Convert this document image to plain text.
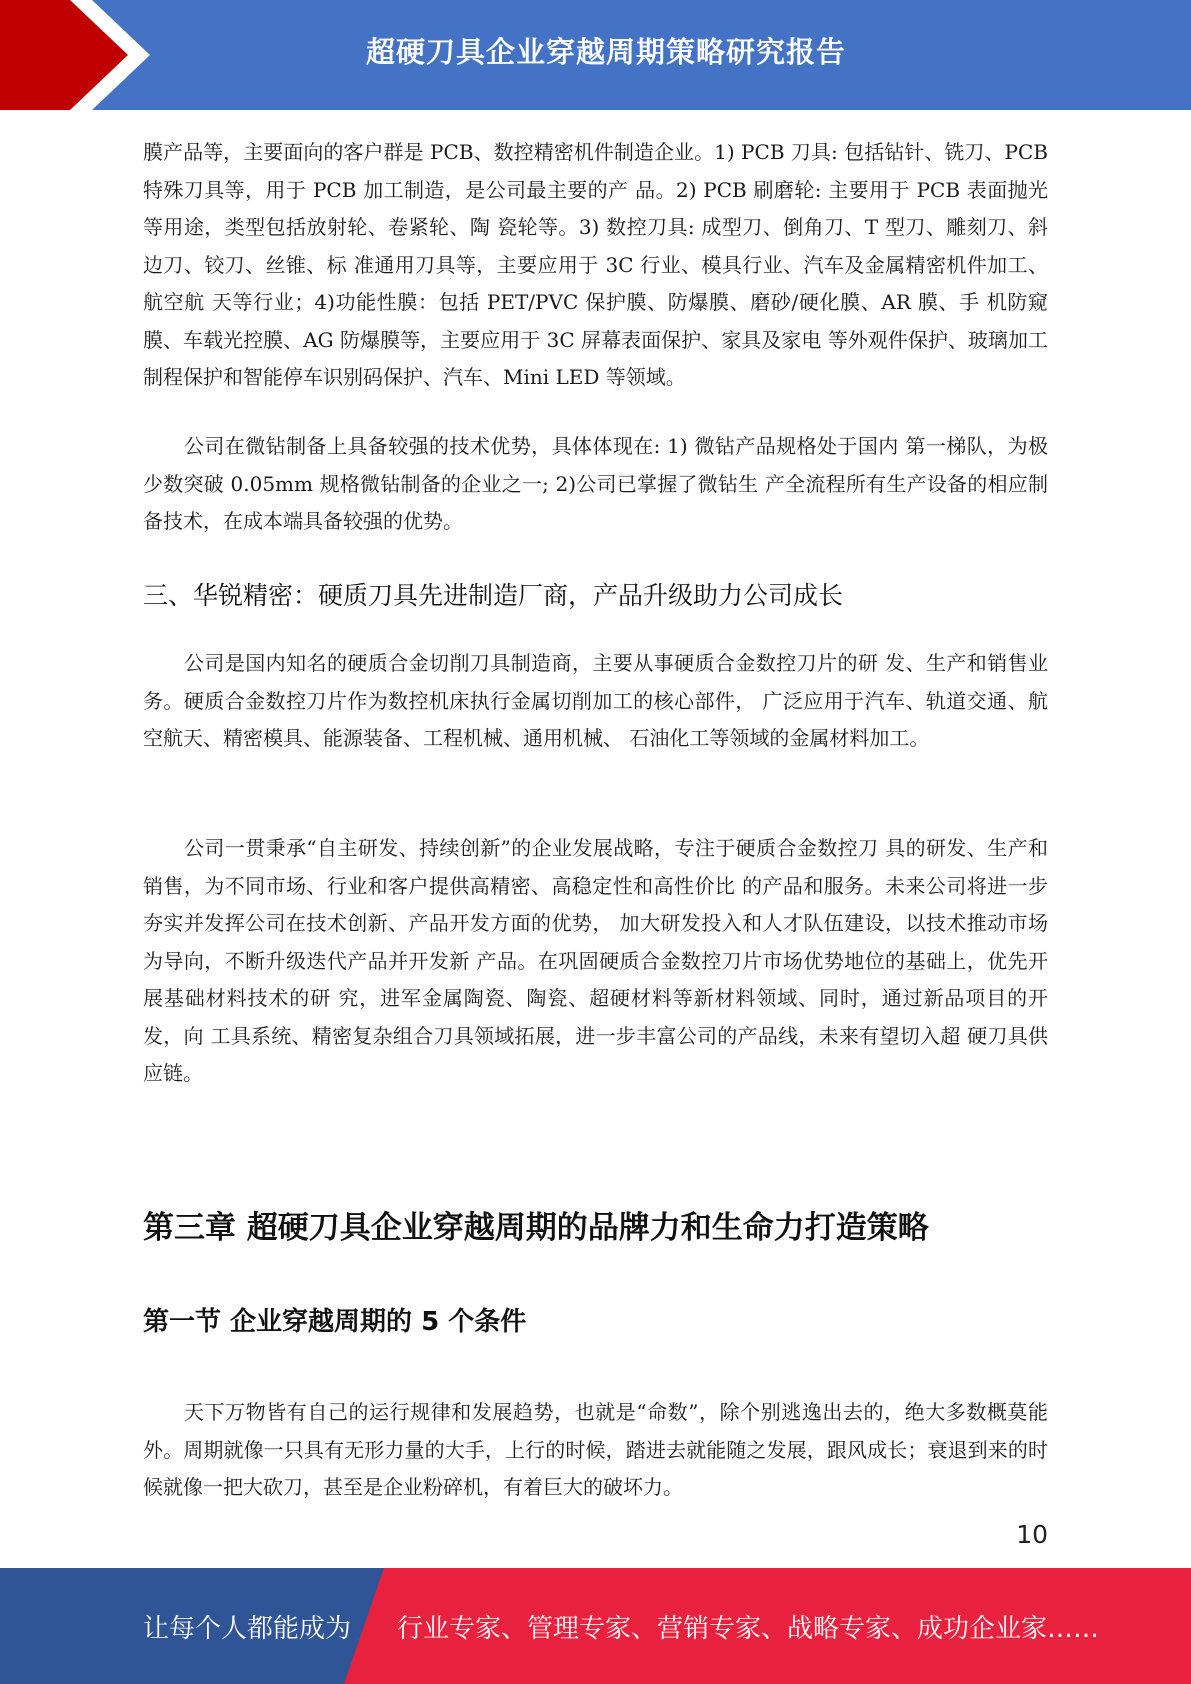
超硬刀具企业穿越周期策略研究报告

膜产品等，主要面向的客户群是 PCB、数控精密机件制造企业。1) PCB 刀具: 包括钻针、铣刀、PCB 特殊刀具等，用于 PCB 加工制造，是公司最主要的产 品。2) PCB 刷磨轮: 主要用于 PCB 表面抛光等用途，类型包括放射轮、卷紧轮、陶 瓷轮等。3) 数控刀具: 成型刀、倒角刀、T 型刀、雕刻刀、斜边刀、铰刀、丝锥、标 准通用刀具等，主要应用于 3C 行业、模具行业、汽车及金属精密机件加工、航空航 天等行业；4)功能性膜：包括 PET/PVC 保护膜、防爆膜、磨砂/硬化膜、AR 膜、手 机防窥膜、车载光控膜、AG 防爆膜等，主要应用于 3C 屏幕表面保护、家具及家电 等外观件保护、玻璃加工制程保护和智能停车识别码保护、汽车、Mini LED 等领域。

公司在微钻制备上具备较强的技术优势，具体体现在: 1) 微钻产品规格处于国内 第一梯队，为极少数突破 0.05mm 规格微钻制备的企业之一; 2)公司已掌握了微钻生 产全流程所有生产设备的相应制备技术，在成本端具备较强的优势。

三、华锐精密：硬质刀具先进制造厂商，产品升级助力公司成长

公司是国内知名的硬质合金切削刀具制造商，主要从事硬质合金数控刀片的研 发、生产和销售业务。硬质合金数控刀片作为数控机床执行金属切削加工的核心部件， 广泛应用于汽车、轨道交通、航空航天、精密模具、能源装备、工程机械、通用机械、 石油化工等领域的金属材料加工。

公司一贯秉承“自主研发、持续创新”的企业发展战略，专注于硬质合金数控刀 具的研发、生产和销售，为不同市场、行业和客户提供高精密、高稳定性和高性价比 的产品和服务。未来公司将进一步夯实并发挥公司在技术创新、产品开发方面的优势， 加大研发投入和人才队伍建设，以技术推动市场为导向，不断升级迭代产品并开发新 产品。在巩固硬质合金数控刀片市场优势地位的基础上，优先开展基础材料技术的研 究，进军金属陶瓷、陶瓷、超硬材料等新材料领域、同时，通过新品项目的开发，向 工具系统、精密复杂组合刀具领域拓展，进一步丰富公司的产品线，未来有望切入超 硬刀具供应链。

第三章 超硬刀具企业穿越周期的品牌力和生命力打造策略
第一节 企业穿越周期的 5 个条件

天下万物皆有自己的运行规律和发展趋势，也就是“命数”，除个别逃逸出去的，绝大多数概莫能外。周期就像一只具有无形力量的大手，上行的时候，踏进去就能随之发展，跟风成长；衰退到来的时候就像一把大砍刀，甚至是企业粉碎机，有着巨大的破坏力。

10
让每个人都能成为 行业专家、管理专家、营销专家、战略专家、成功企业家……
